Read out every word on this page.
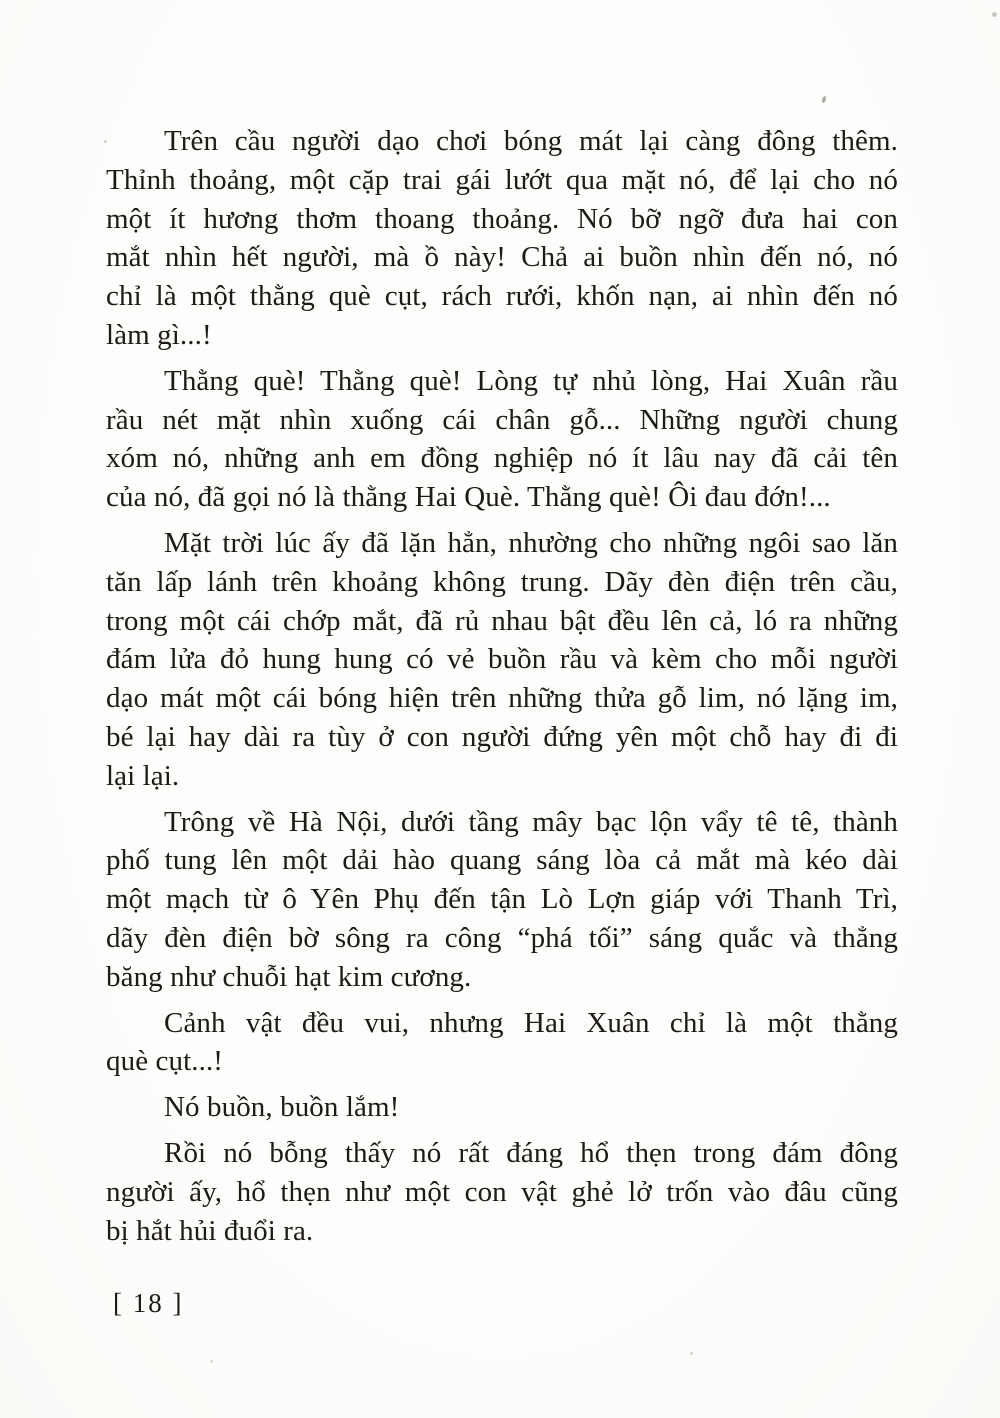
Trên cầu người dạo chơi bóng mát lại càng đông thêm.
Thỉnh thoảng, một cặp trai gái lướt qua mặt nó, để lại cho nó
một ít hương thơm thoang thoảng. Nó bỡ ngỡ đưa hai con
mắt nhìn hết người, mà ồ này! Chả ai buồn nhìn đến nó, nó
chỉ là một thằng què cụt, rách rưới, khốn nạn, ai nhìn đến nó
làm gì...!
Thằng què! Thằng què! Lòng tự nhủ lòng, Hai Xuân rầu
rầu nét mặt nhìn xuống cái chân gỗ... Những người chung
xóm nó, những anh em đồng nghiệp nó ít lâu nay đã cải tên
của nó, đã gọi nó là thằng Hai Què. Thằng què! Ôi đau đớn!...
Mặt trời lúc ấy đã lặn hẳn, nhường cho những ngôi sao lăn
tăn lấp lánh trên khoảng không trung. Dãy đèn điện trên cầu,
trong một cái chớp mắt, đã rủ nhau bật đều lên cả, ló ra những
đám lửa đỏ hung hung có vẻ buồn rầu và kèm cho mỗi người
dạo mát một cái bóng hiện trên những thửa gỗ lim, nó lặng im,
bé lại hay dài ra tùy ở con người đứng yên một chỗ hay đi đi
lại lại.
Trông về Hà Nội, dưới tầng mây bạc lộn vẩy tê tê, thành
phố tung lên một dải hào quang sáng lòa cả mắt mà kéo dài
một mạch từ ô Yên Phụ đến tận Lò Lợn giáp với Thanh Trì,
dãy đèn điện bờ sông ra công “phá tối” sáng quắc và thẳng
băng như chuỗi hạt kim cương.
Cảnh vật đều vui, nhưng Hai Xuân chỉ là một thằng
què cụt...!
Nó buồn, buồn lắm!
Rồi nó bỗng thấy nó rất đáng hổ thẹn trong đám đông
người ấy, hổ thẹn như một con vật ghẻ lở trốn vào đâu cũng
bị hắt hủi đuổi ra.
[ 18 ]
